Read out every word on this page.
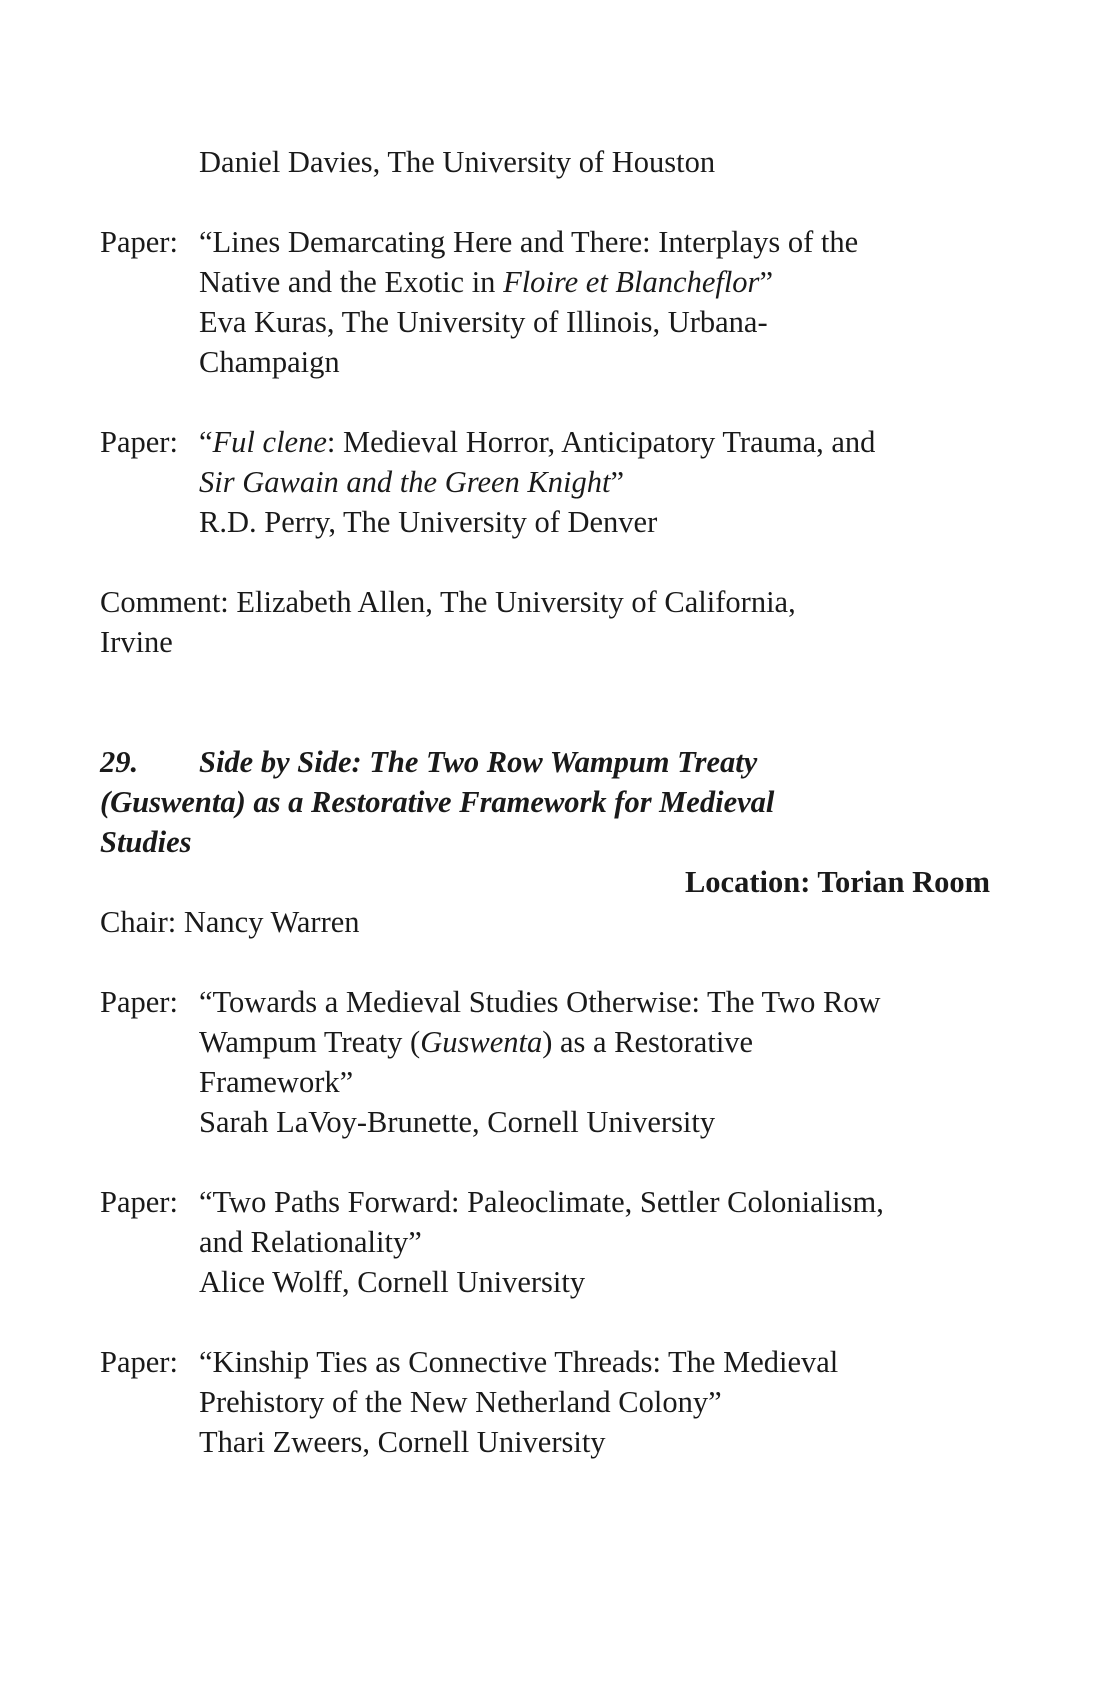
Daniel Davies, The University of Houston
Paper: “Lines Demarcating Here and There: Interplays of the
Native and the Exotic in Floire et Blancheflor”
Eva Kuras, The University of Illinois, Urbana-
Champaign
Paper: “Ful clene: Medieval Horror, Anticipatory Trauma, and
Sir Gawain and the Green Knight”
R.D. Perry, The University of Denver
Comment: Elizabeth Allen, The University of California,
Irvine
29. Side by Side: The Two Row Wampum Treaty
(Guswenta) as a Restorative Framework for Medieval
Studies
Location: Torian Room
Chair: Nancy Warren
Paper: “Towards a Medieval Studies Otherwise: The Two Row
Wampum Treaty (Guswenta) as a Restorative
Framework”
Sarah LaVoy-Brunette, Cornell University
Paper: “Two Paths Forward: Paleoclimate, Settler Colonialism,
and Relationality”
Alice Wolff, Cornell University
Paper: “Kinship Ties as Connective Threads: The Medieval
Prehistory of the New Netherland Colony”
Thari Zweers, Cornell University
